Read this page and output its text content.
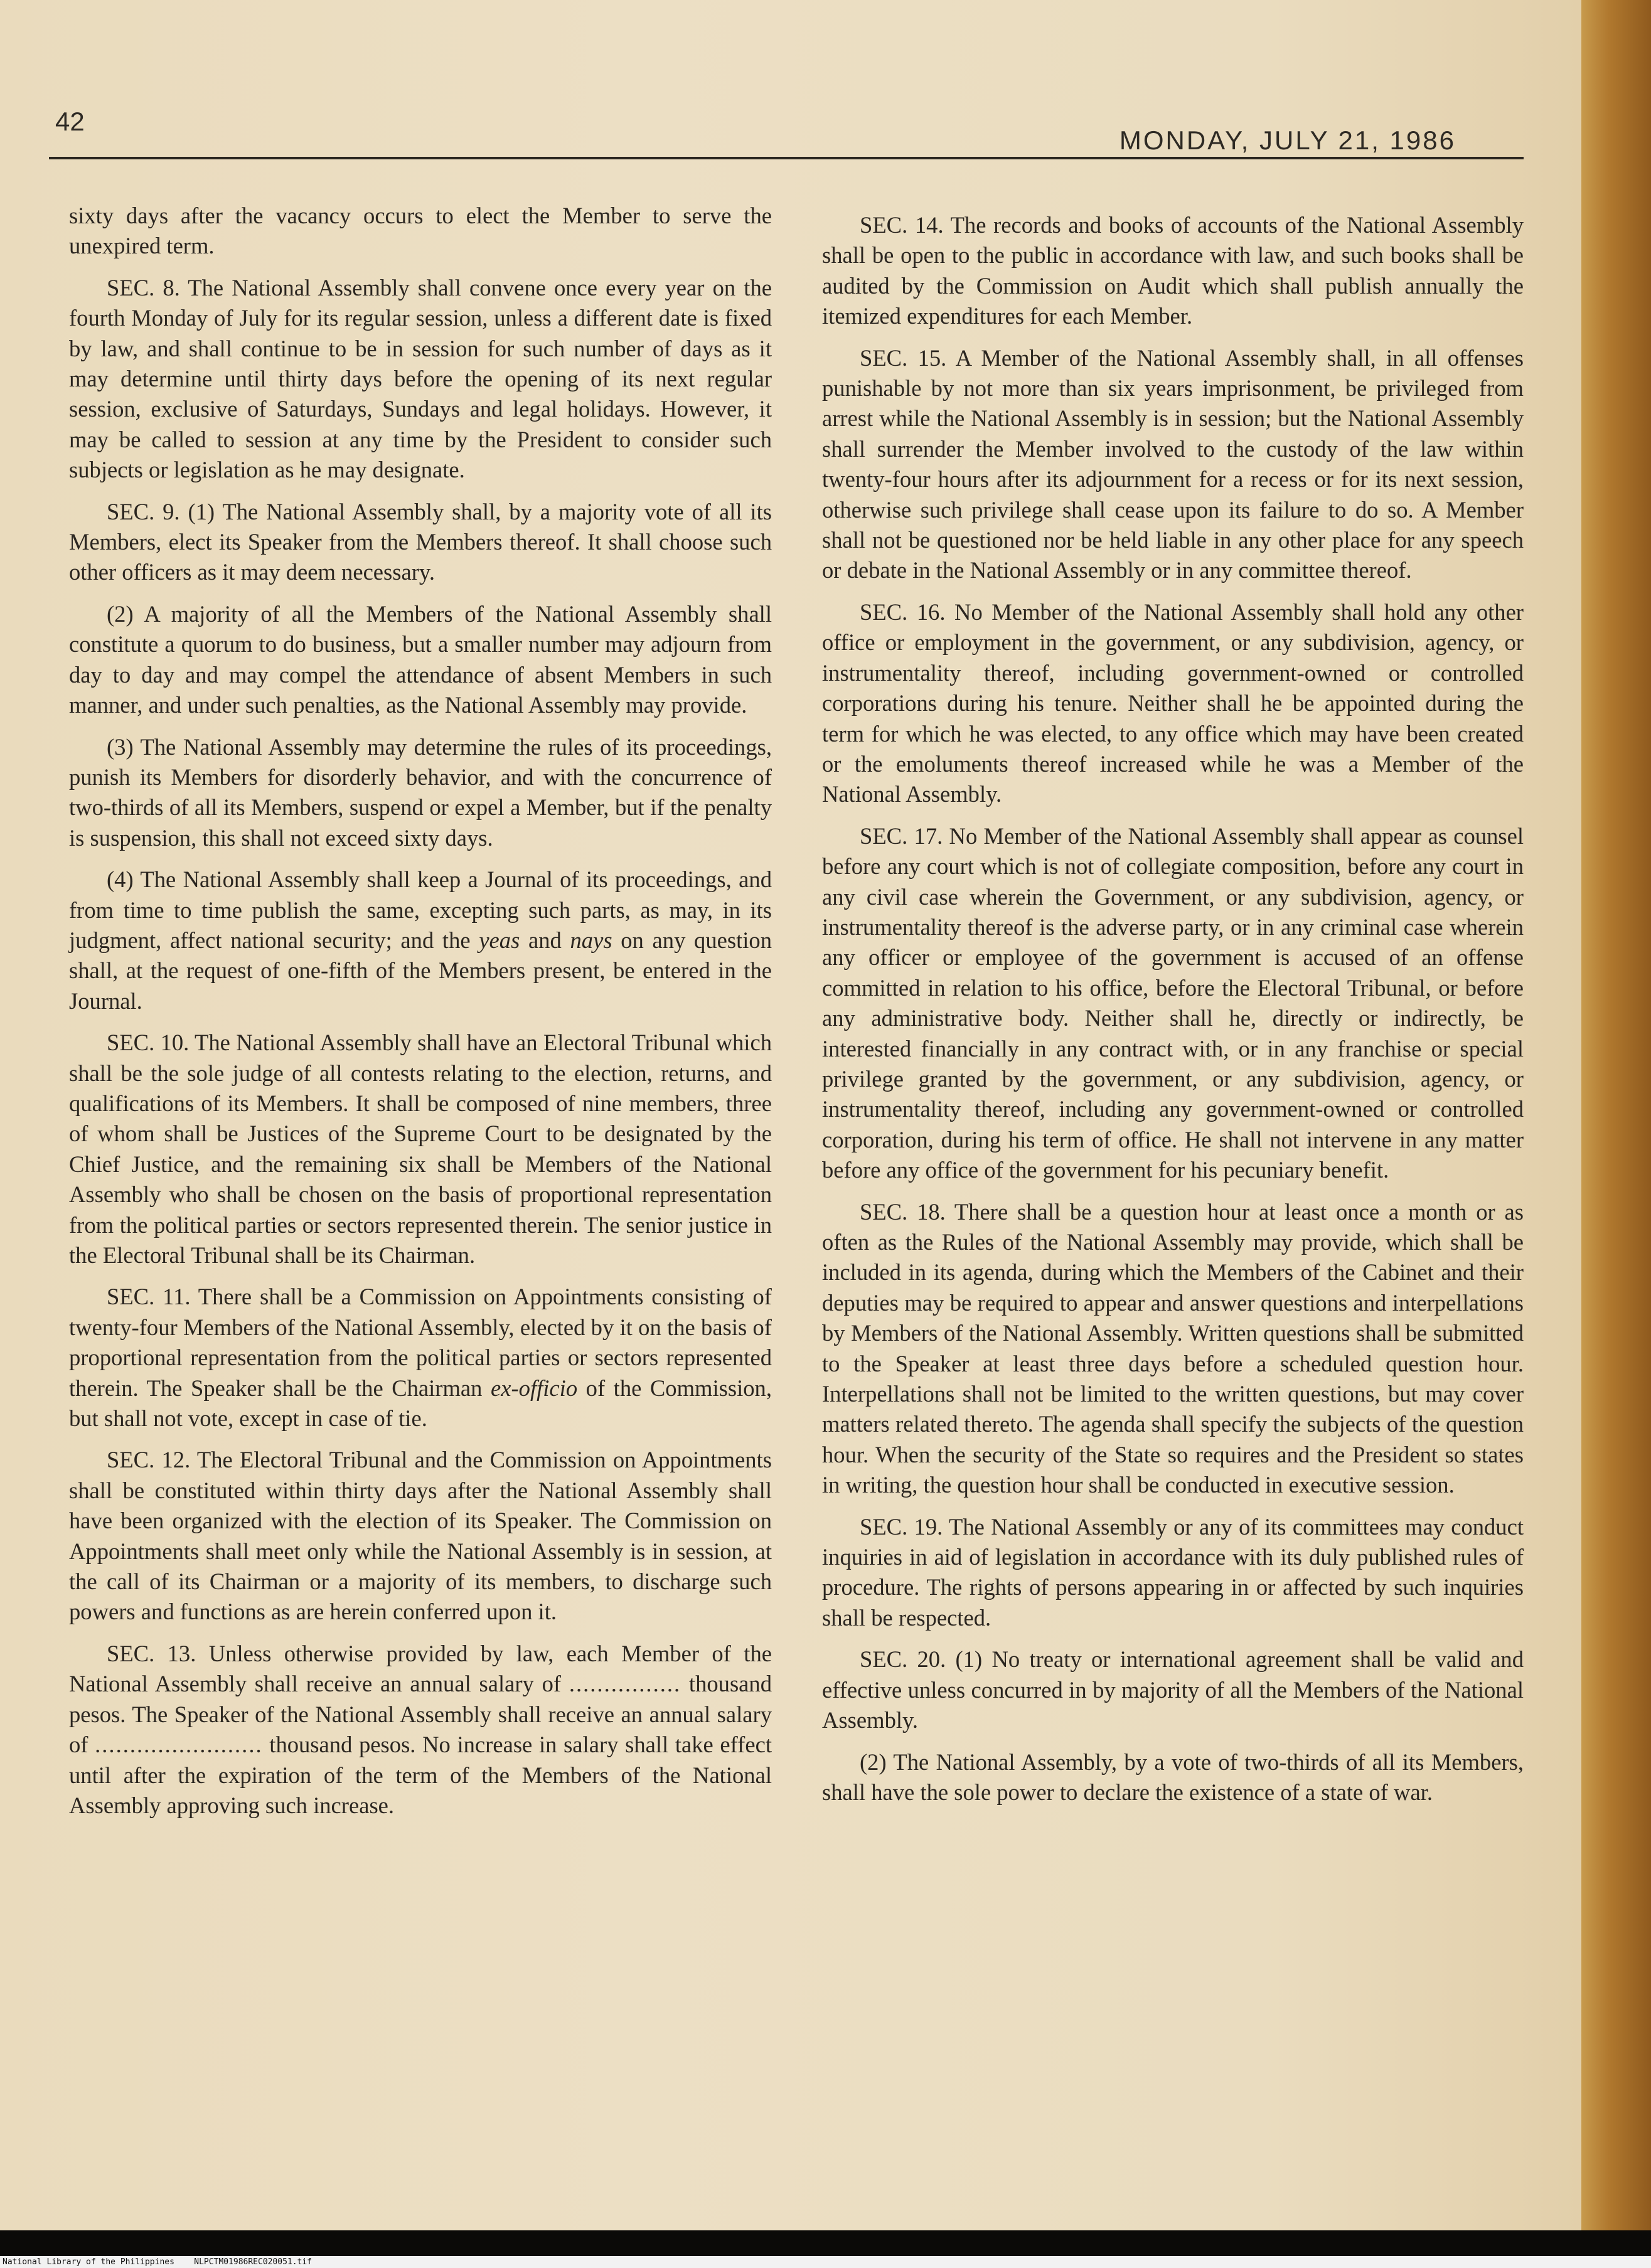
42
MONDAY, JULY 21, 1986

sixty days after the vacancy occurs to elect the Member to serve the unexpired term.

SEC. 8. The National Assembly shall convene once every year on the fourth Monday of July for its regular session, unless a different date is fixed by law, and shall continue to be in session for such number of days as it may determine until thirty days before the opening of its next regular session, exclusive of Saturdays, Sundays and legal holidays. However, it may be called to session at any time by the President to consider such subjects or legislation as he may designate.

SEC. 9. (1) The National Assembly shall, by a majority vote of all its Members, elect its Speaker from the Members thereof. It shall choose such other officers as it may deem necessary.

(2) A majority of all the Members of the National Assembly shall constitute a quorum to do business, but a smaller number may adjourn from day to day and may compel the attendance of absent Members in such manner, and under such penalties, as the National Assembly may provide.

(3) The National Assembly may determine the rules of its proceedings, punish its Members for disorderly behavior, and with the concurrence of two-thirds of all its Members, suspend or expel a Member, but if the penalty is suspension, this shall not exceed sixty days.

(4) The National Assembly shall keep a Journal of its proceedings, and from time to time publish the same, excepting such parts, as may, in its judgment, affect national security; and the yeas and nays on any question shall, at the request of one-fifth of the Members present, be entered in the Journal.

SEC. 10. The National Assembly shall have an Electoral Tribunal which shall be the sole judge of all contests relating to the election, returns, and qualifications of its Members. It shall be composed of nine members, three of whom shall be Justices of the Supreme Court to be designated by the Chief Justice, and the remaining six shall be Members of the National Assembly who shall be chosen on the basis of proportional representation from the political parties or sectors represented therein. The senior justice in the Electoral Tribunal shall be its Chairman.

SEC. 11. There shall be a Commission on Appointments consisting of twenty-four Members of the National Assembly, elected by it on the basis of proportional representation from the political parties or sectors represented therein. The Speaker shall be the Chairman ex-officio of the Commission, but shall not vote, except in case of tie.

SEC. 12. The Electoral Tribunal and the Commission on Appointments shall be constituted within thirty days after the National Assembly shall have been organized with the election of its Speaker. The Commission on Appointments shall meet only while the National Assembly is in session, at the call of its Chairman or a majority of its members, to discharge such powers and functions as are herein conferred upon it.

SEC. 13. Unless otherwise provided by law, each Member of the National Assembly shall receive an annual salary of ................ thousand pesos. The Speaker of the National Assembly shall receive an annual salary of ........................ thousand pesos. No increase in salary shall take effect until after the expiration of the term of the Members of the National Assembly approving such increase.

SEC. 14. The records and books of accounts of the National Assembly shall be open to the public in accordance with law, and such books shall be audited by the Commission on Audit which shall publish annually the itemized expenditures for each Member.

SEC. 15. A Member of the National Assembly shall, in all offenses punishable by not more than six years imprisonment, be privileged from arrest while the National Assembly is in session; but the National Assembly shall surrender the Member involved to the custody of the law within twenty-four hours after its adjournment for a recess or for its next session, otherwise such privilege shall cease upon its failure to do so. A Member shall not be questioned nor be held liable in any other place for any speech or debate in the National Assembly or in any committee thereof.

SEC. 16. No Member of the National Assembly shall hold any other office or employment in the government, or any subdivision, agency, or instrumentality thereof, including government-owned or controlled corporations during his tenure. Neither shall he be appointed during the term for which he was elected, to any office which may have been created or the emoluments thereof increased while he was a Member of the National Assembly.

SEC. 17. No Member of the National Assembly shall appear as counsel before any court which is not of collegiate composition, before any court in any civil case wherein the Government, or any subdivision, agency, or instrumentality thereof is the adverse party, or in any criminal case wherein any officer or employee of the government is accused of an offense committed in relation to his office, before the Electoral Tribunal, or before any administrative body. Neither shall he, directly or indirectly, be interested financially in any contract with, or in any franchise or special privilege granted by the government, or any subdivision, agency, or instrumentality thereof, including any government-owned or controlled corporation, during his term of office. He shall not intervene in any matter before any office of the government for his pecuniary benefit.

SEC. 18. There shall be a question hour at least once a month or as often as the Rules of the National Assembly may provide, which shall be included in its agenda, during which the Members of the Cabinet and their deputies may be required to appear and answer questions and interpellations by Members of the National Assembly. Written questions shall be submitted to the Speaker at least three days before a scheduled question hour. Interpellations shall not be limited to the written questions, but may cover matters related thereto. The agenda shall specify the subjects of the question hour. When the security of the State so requires and the President so states in writing, the question hour shall be conducted in executive session.

SEC. 19. The National Assembly or any of its committees may conduct inquiries in aid of legislation in accordance with its duly published rules of procedure. The rights of persons appearing in or affected by such inquiries shall be respected.

SEC. 20. (1) No treaty or international agreement shall be valid and effective unless concurred in by majority of all the Members of the National Assembly.

(2) The National Assembly, by a vote of two-thirds of all its Members, shall have the sole power to declare the existence of a state of war.

National Library of the Philippines NLPCTM01986REC020051.tif
